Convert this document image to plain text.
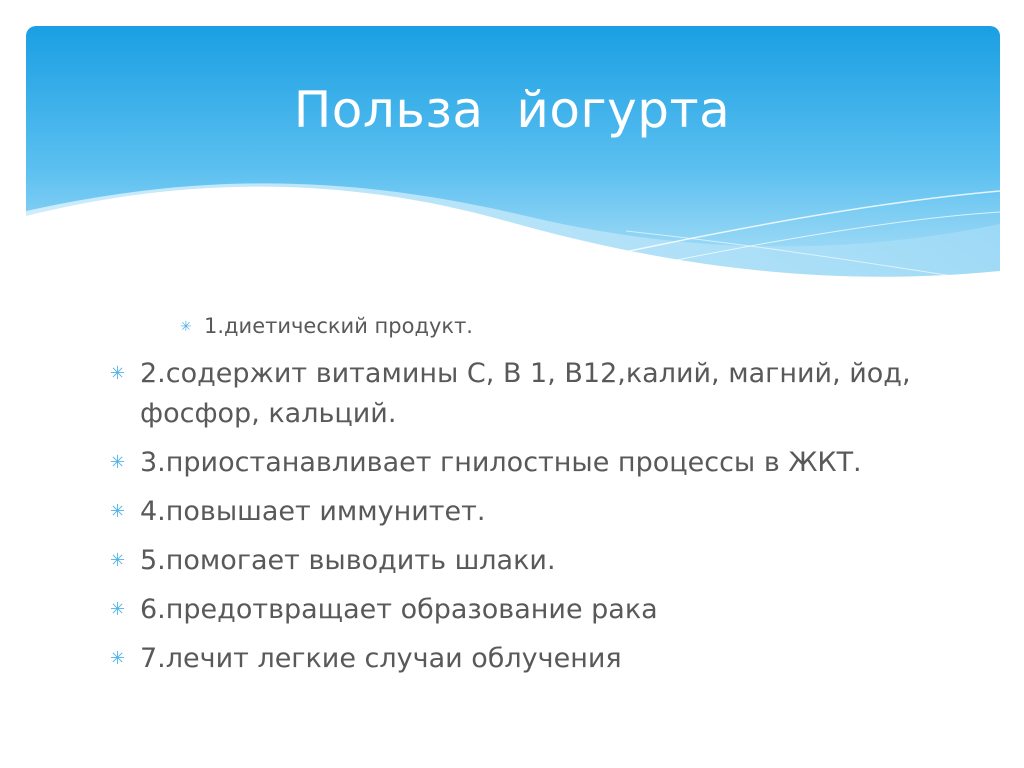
Польза  йогурта
✳ 1.диетический продукт.
✳ 2.содержит витамины С, В 1, В12,калий, магний, йод, фосфор, кальций.
✳ 3.приостанавливает гнилостные процессы в ЖКТ.
✳ 4.повышает иммунитет.
✳ 5.помогает выводить шлаки.
✳ 6.предотвращает образование рака
✳ 7.лечит легкие случаи облучения
